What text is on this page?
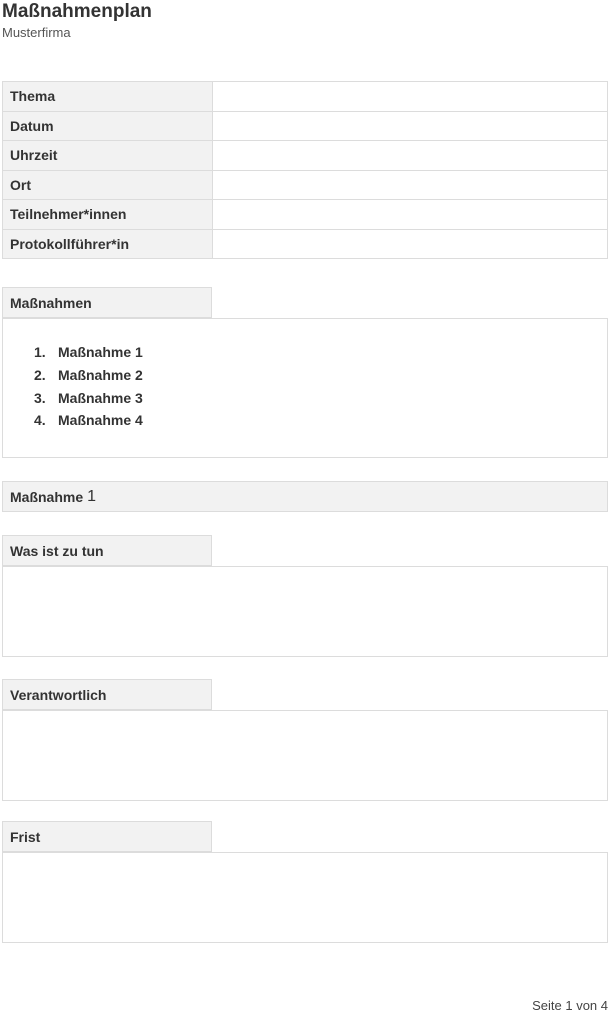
Maßnahmenplan
Musterfirma
Thema	
Datum	
Uhrzeit	
Ort	
Teilnehmer*innen	
Protokollführer*in	
Maßnahmen
1. Maßnahme 1
2. Maßnahme 2
3. Maßnahme 3
4. Maßnahme 4
Maßnahme 1
Was ist zu tun
Verantwortlich
Frist
Seite 1 von 4
